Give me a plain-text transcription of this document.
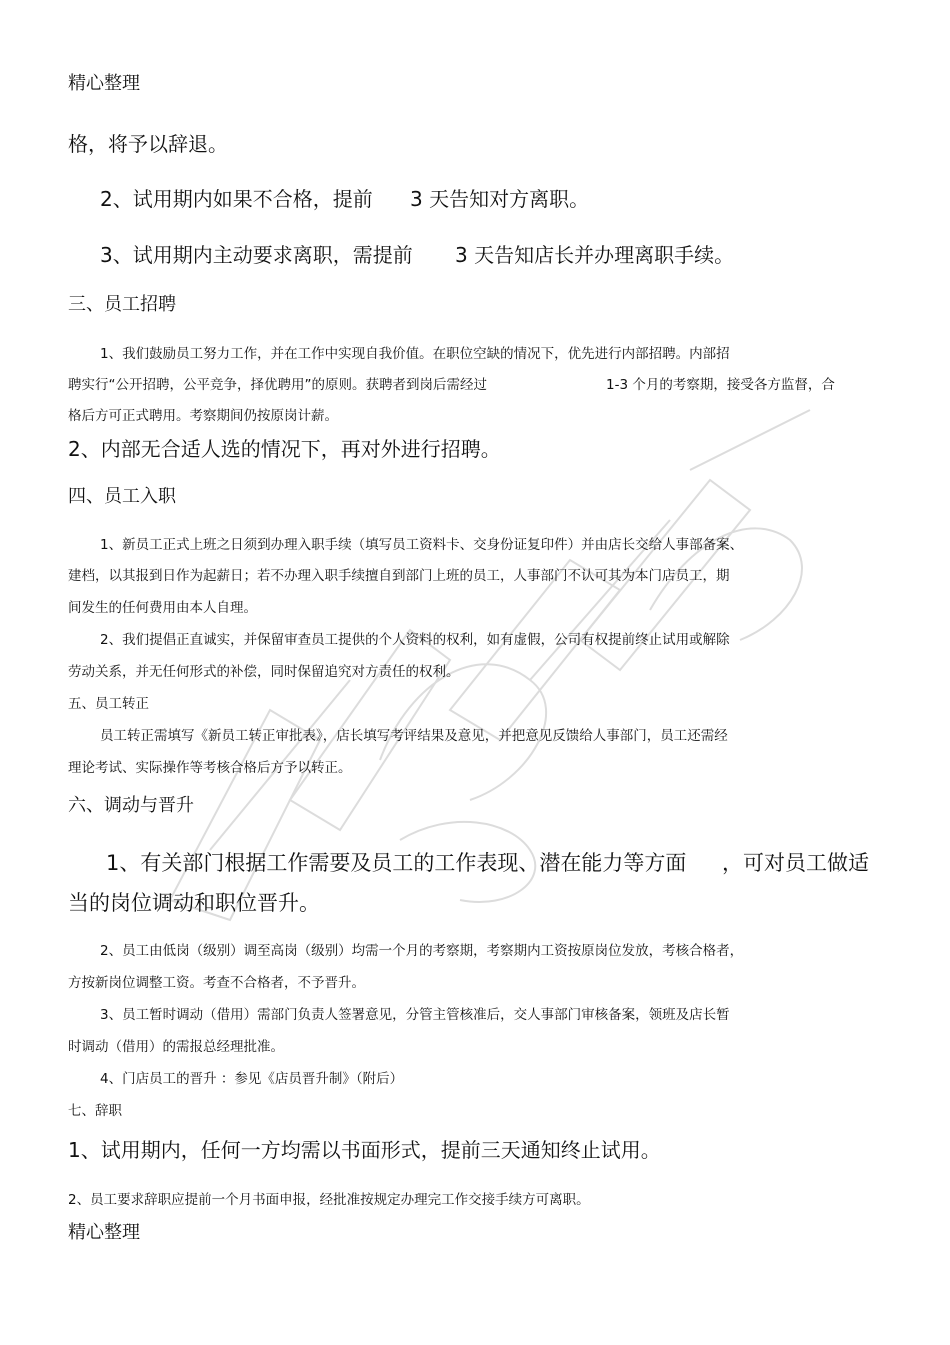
精心整理
格，将予以辞退。
2、试用期内如果不合格，提前 3 天告知对方离职。
3、试用期内主动要求离职，需提前 3 天告知店长并办理离职手续。
三、员工招聘
1、我们鼓励员工努力工作，并在工作中实现自我价值。在职位空缺的情况下，优先进行内部招聘。内部招
聘实行“公开招聘，公平竞争，择优聘用”的原则。获聘者到岗后需经过	1-3 个月的考察期，接受各方监督，合
格后方可正式聘用。考察期间仍按原岗计薪。
2、内部无合适人选的情况下，再对外进行招聘。
四、员工入职
1、新员工正式上班之日须到办理入职手续（填写员工资料卡、交身份证复印件）并由店长交给人事部备案、
建档，以其报到日作为起薪日；若不办理入职手续擅自到部门上班的员工，人事部门不认可其为本门店员工，期
间发生的任何费用由本人自理。
2、我们提倡正直诚实，并保留审查员工提供的个人资料的权利，如有虚假，公司有权提前终止试用或解除
劳动关系，并无任何形式的补偿，同时保留追究对方责任的权利。
五、员工转正
员工转正需填写《新员工转正审批表》，店长填写考评结果及意见，并把意见反馈给人事部门，员工还需经
理论考试、实际操作等考核合格后方予以转正。
六、调动与晋升
1、有关部门根据工作需要及员工的工作表现、潜在能力等方面 ，可对员工做适
当的岗位调动和职位晋升。
2、员工由低岗（级别）调至高岗（级别）均需一个月的考察期，考察期内工资按原岗位发放，考核合格者，
方按新岗位调整工资。考查不合格者，不予晋升。
3、员工暂时调动（借用）需部门负责人签署意见，分管主管核准后，交人事部门审核备案，领班及店长暂
时调动（借用）的需报总经理批准。
4、门店员工的晋升 ：参见《店员晋升制》（附后）
七、辞职
1、试用期内，任何一方均需以书面形式，提前三天通知终止试用。
2、员工要求辞职应提前一个月书面申报，经批准按规定办理完工作交接手续方可离职。
精心整理
